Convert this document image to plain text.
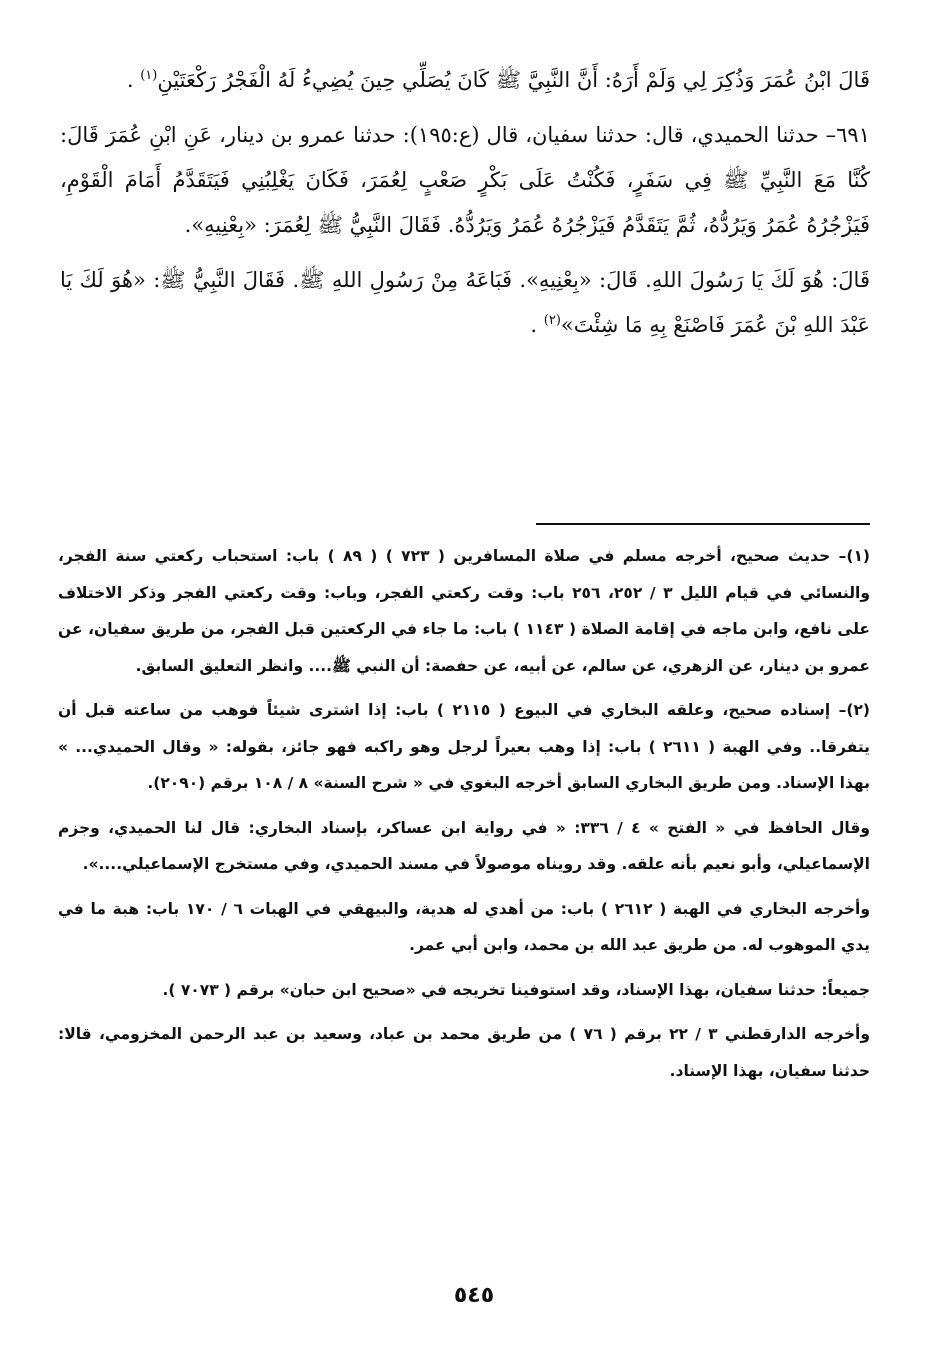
قَالَ ابْنُ عُمَرَ وَذُكِرَ لِي وَلَمْ أَرَهُ: أَنَّ النَّبِيَّ ﷺ كَانَ يُصَلِّي حِينَ يُضِيءُ لَهُ الْفَجْرُ رَكْعَتَيْنِ$^{(١)}$ .

٦٩١– حدثنا الحميدي، قال: حدثنا سفيان، قال (ع:١٩٥): حدثنا عمرو بن دينار، عَنِ ابْنِ عُمَرَ قَالَ: كُنَّا مَعَ النَّبِيِّ ﷺ فِي سَفَرٍ، فَكُنْتُ عَلَى بَكْرٍ صَعْبٍ لِعُمَرَ، فَكَانَ يَغْلِبُنِي فَيَتَقَدَّمُ أَمَامَ الْقَوْمِ، فَيَزْجُرُهُ عُمَرُ وَيَرُدُّهُ، ثُمَّ يَتَقَدَّمُ فَيَزْجُرُهُ عُمَرُ وَيَرُدُّهُ. فَقَالَ النَّبِيُّ ﷺ لِعُمَرَ: «بِعْنِيهِ».

قَالَ: هُوَ لَكَ يَا رَسُولَ اللهِ. قَالَ: «بِعْنِيهِ». فَبَاعَهُ مِنْ رَسُولِ اللهِ ﷺ. فَقَالَ النَّبِيُّ ﷺ: «هُوَ لَكَ يَا عَبْدَ اللهِ بْنَ عُمَرَ فَاصْنَعْ بِهِ مَا شِئْتَ»$^{(٢)}$ .

(١)– حديث صحيح، أخرجه مسلم في صلاة المسافرين ( ٧٢٣ ) ( ٨٩ ) باب: استحباب ركعتي سنة الفجر، والنسائي في قيام الليل ٣ / ٢٥٢، ٢٥٦ باب: وقت ركعتي الفجر، وباب: وقت ركعتي الفجر وذكر الاختلاف على نافع، وابن ماجه في إقامة الصلاة ( ١١٤٣ ) باب: ما جاء في الركعتين قبل الفجر، من طريق سفيان، عن عمرو بن دينار، عن الزهري، عن سالم، عن أبيه، عن حفصة: أن النبي ﷺ.... وانظر التعليق السابق.

(٢)– إسناده صحيح، وعلقه البخاري في البيوع ( ٢١١٥ ) باب: إذا اشترى شيئاً فوهب من ساعته قبل أن يتفرقا.. وفي الهبة ( ٢٦١١ ) باب: إذا وهب بعيراً لرجل وهو راكبه فهو جائز، بقوله: « وقال الحميدي... » بهذا الإسناد. ومن طريق البخاري السابق أخرجه البغوي في « شرح السنة» ٨ / ١٠٨ برقم (٢٠٩٠).

وقال الحافظ في « الفتح » ٤ / ٣٣٦: « في رواية ابن عساكر، بإسناد البخاري: قال لنا الحميدي، وجزم الإسماعيلي، وأبو نعيم بأنه علقه. وقد رويناه موصولاً في مسند الحميدي، وفي مستخرج الإسماعيلي....».

وأخرجه البخاري في الهبة ( ٢٦١٢ ) باب: من أهدي له هدية، والبيهقي في الهبات ٦ / ١٧٠ باب: هبة ما في يدي الموهوب له. من طريق عبد الله بن محمد، وابن أبي عمر.

جميعاً: حدثنا سفيان، بهذا الإسناد، وقد استوفينا تخريجه في «صحيح ابن حبان» برقم ( ٧٠٧٣ ).

وأخرجه الدارقطني ٣ / ٢٢ برقم ( ٧٦ ) من طريق محمد بن عباد، وسعيد بن عبد الرحمن المخزومي، قالا: حدثنا سفيان، بهذا الإسناد.

٥٤٥
